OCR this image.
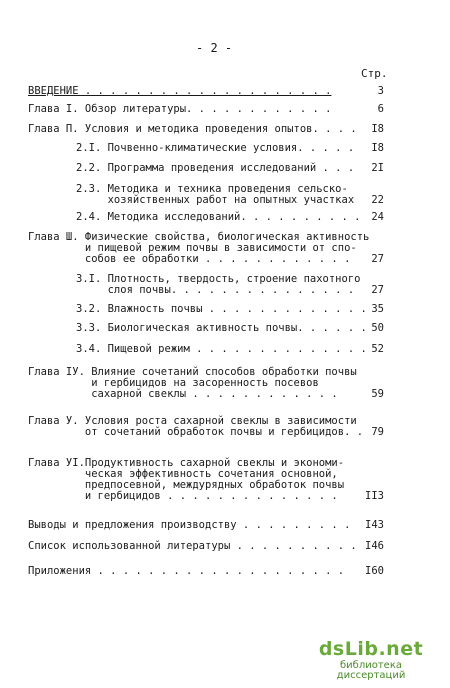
- 2 -
Стр.
ВВЕДЕНИЕ . . . . . . . . . . . . . . . . . . . .	3
Глава I. Обзор литературы. . . . . . . . . . . .	6
Глава П. Условия и методика проведения опытов. . . . I8
2.I. Почвенно-климатические условия. . . . . I8
2.2. Программа проведения исследований . . . 2I
2.3. Методика и техника проведения сельско-
хозяйственных работ на опытных участках 22
2.4. Методика исследований. . . . . . . . . . 24
Глава Ш. Физические свойства, биологическая активность
и пищевой режим почвы в зависимости от спо-
собов ее обработки . . . . . . . . . . . . 27
3.I. Плотность, твердость, строение пахотного
слоя почвы. . . . . . . . . . . . . . . 27
3.2. Влажность почвы . . . . . . . . . . . . . 35
3.3. Биологическая активность почвы. . . . . . 50
3.4. Пищевой режим . . . . . . . . . . . . . . 52
Глава IУ. Влияние сочетаний способов обработки почвы
и гербицидов на засоренность посевов
сахарной свеклы . . . . . . . . . . . .	59
Глава У. Условия роста сахарной свеклы в зависимости
от сочетаний обработок почвы и гербицидов. . 79
Глава УI.Продуктивность сахарной свеклы и экономи-
ческая эффективность сочетания основной,
предпосевной, междурядных обработок почвы
и гербицидов . . . . . . . . . . . . . .	II3
Выводы и предложения производству . . . . . . . . . I43
Список использованной литературы . . . . . . . . . . I46
Приложения . . . . . . . . . . . . . . . . . . . . I60
dsLib.net
библиотека диссертаций
